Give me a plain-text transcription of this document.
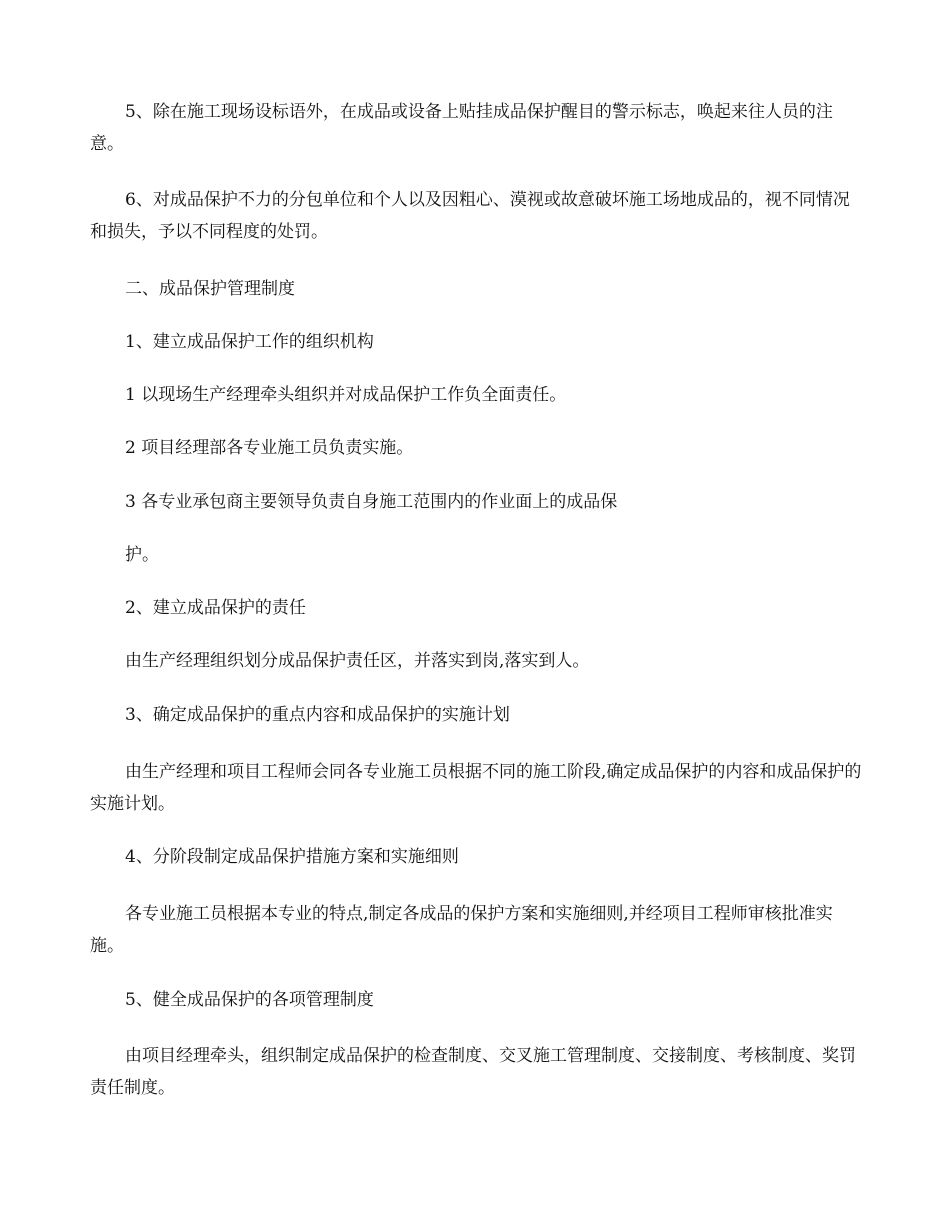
5、除在施工现场设标语外，在成品或设备上贴挂成品保护醒目的警示标志，唤起来往人员的注意。

6、对成品保护不力的分包单位和个人以及因粗心、漠视或故意破坏施工场地成品的，视不同情况和损失，予以不同程度的处罚。

二、成品保护管理制度

1、建立成品保护工作的组织机构

1 以现场生产经理牵头组织并对成品保护工作负全面责任。

2 项目经理部各专业施工员负责实施。

3 各专业承包商主要领导负责自身施工范围内的作业面上的成品保

护。

2、建立成品保护的责任

由生产经理组织划分成品保护责任区，并落实到岗,落实到人。

3、确定成品保护的重点内容和成品保护的实施计划

由生产经理和项目工程师会同各专业施工员根据不同的施工阶段,确定成品保护的内容和成品保护的实施计划。

4、分阶段制定成品保护措施方案和实施细则

各专业施工员根据本专业的特点,制定各成品的保护方案和实施细则,并经项目工程师审核批准实施。

5、健全成品保护的各项管理制度

由项目经理牵头，组织制定成品保护的检查制度、交叉施工管理制度、交接制度、考核制度、奖罚责任制度。
